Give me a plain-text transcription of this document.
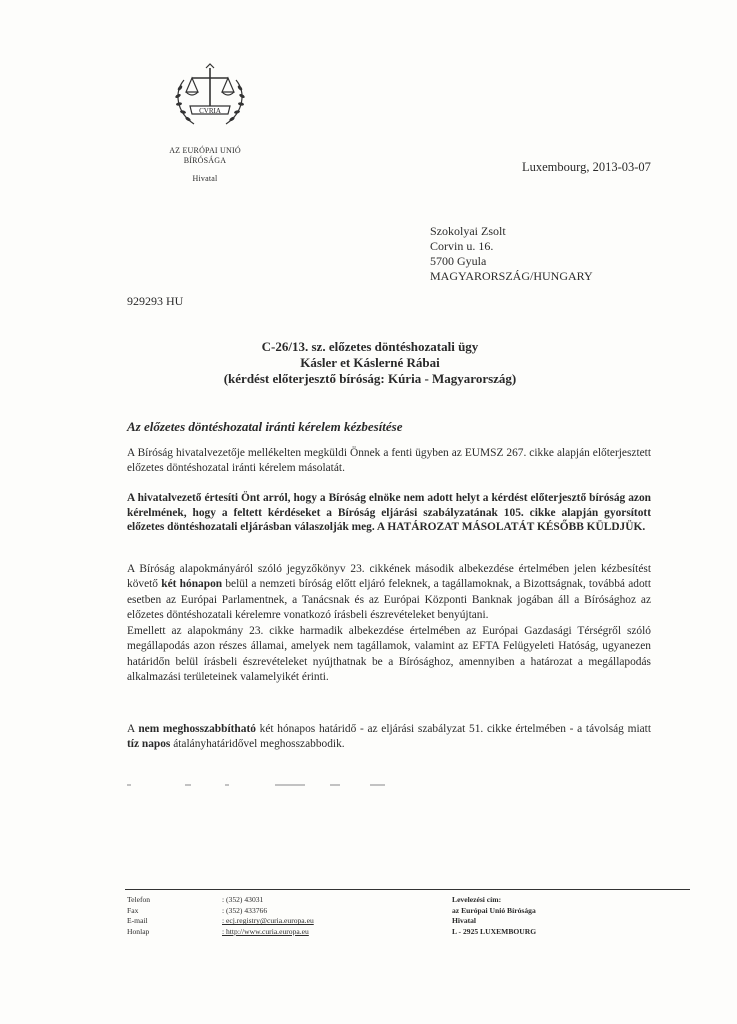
CVRIA
AZ EURÓPAI UNIÓ
BÍRÓSÁGA
Hivatal
Luxembourg, 2013-03-07
Szokolyai Zsolt
Corvin u. 16.
5700 Gyula
MAGYARORSZÁG/HUNGARY
929293 HU
C-26/13. sz. előzetes döntéshozatali ügy
Kásler et Káslerné Rábai
(kérdést előterjesztő bíróság: Kúria - Magyarország)
Az előzetes döntéshozatal iránti kérelem kézbesítése
A Bíróság hivatalvezetője mellékelten megküldi Önnek a fenti ügyben az EUMSZ 267. cikke alapján előterjesztett előzetes döntéshozatal iránti kérelem másolatát.
A hivatalvezető értesíti Önt arról, hogy a Bíróság elnöke nem adott helyt a kérdést előterjesztő bíróság azon kérelmének, hogy a feltett kérdéseket a Bíróság eljárási szabályzatának 105. cikke alapján gyorsított előzetes döntéshozatali eljárásban válaszolják meg. A HATÁROZAT MÁSOLATÁT KÉSŐBB KÜLDJÜK.
A Bíróság alapokmányáról szóló jegyzőkönyv 23. cikkének második albekezdése értelmében jelen kézbesítést követő két hónapon belül a nemzeti bíróság előtt eljáró feleknek, a tagállamoknak, a Bizottságnak, továbbá adott esetben az Európai Parlamentnek, a Tanácsnak és az Európai Központi Banknak jogában áll a Bírósághoz az előzetes döntéshozatali kérelemre vonatkozó írásbeli észrevételeket benyújtani.
Emellett az alapokmány 23. cikke harmadik albekezdése értelmében az Európai Gazdasági Térségről szóló megállapodás azon részes államai, amelyek nem tagállamok, valamint az EFTA Felügyeleti Hatóság, ugyanezen határidőn belül írásbeli észrevételeket nyújthatnak be a Bírósághoz, amennyiben a határozat a megállapodás alkalmazási területeinek valamelyikét érinti.
A nem meghosszabbítható két hónapos határidő - az eljárási szabályzat 51. cikke értelmében - a távolság miatt tíz napos átalányhatáridővel meghosszabbodik.
Telefon
Fax
E-mail
Honlap
: (352) 43031
: (352) 433766
: ecj.registry@curia.europa.eu
: http://www.curia.europa.eu
Levelezési cím:
az Európai Unió Bírósága
Hivatal
L - 2925 LUXEMBOURG
